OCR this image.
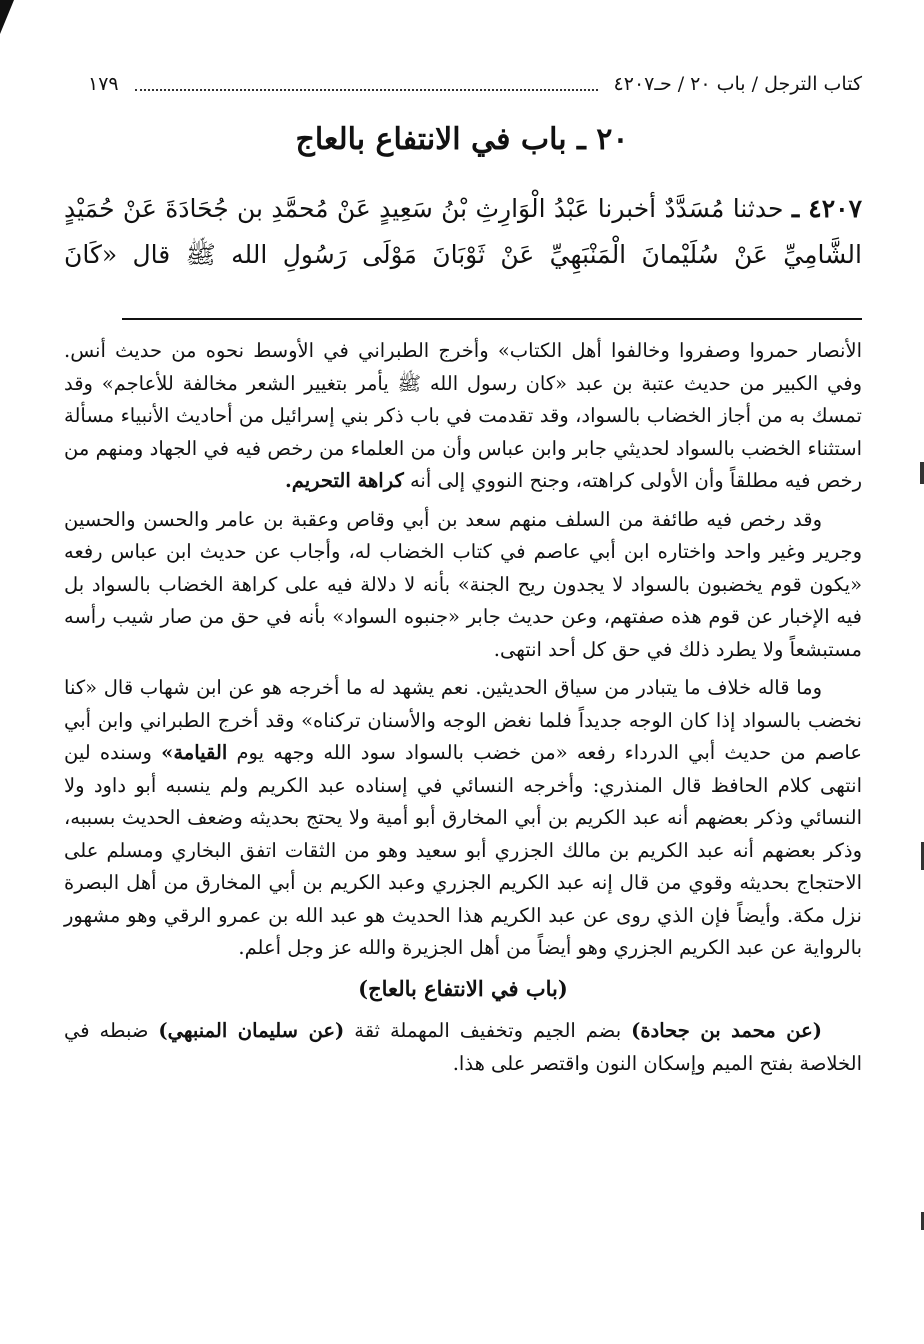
كتاب الترجل / باب ٢٠ / حـ٤٢٠٧
١٧٩
٢٠ ـ باب في الانتفاع بالعاج
٤٢٠٧ ـ حدثنا مُسَدَّدٌ أخبرنا عَبْدُ الْوَارِثِ بْنُ سَعِيدٍ عَنْ مُحمَّدِ بن جُحَادَةَ عَنْ حُمَيْدٍ الشَّامِيِّ عَنْ سُلَيْمانَ الْمَنْبَهِيِّ عَنْ ثَوْبَانَ مَوْلَى رَسُولِ الله ﷺ قال «كَانَ

الأنصار حمروا وصفروا وخالفوا أهل الكتاب» وأخرج الطبراني في الأوسط نحوه من حديث أنس. وفي الكبير من حديث عتبة بن عبد «كان رسول الله ﷺ يأمر بتغيير الشعر مخالفة للأعاجم» وقد تمسك به من أجاز الخضاب بالسواد، وقد تقدمت في باب ذكر بني إسرائيل من أحاديث الأنبياء مسألة استثناء الخضب بالسواد لحديثي جابر وابن عباس وأن من العلماء من رخص فيه في الجهاد ومنهم من رخص فيه مطلقاً وأن الأولى كراهته، وجنح النووي إلى أنه كراهة التحريم.

وقد رخص فيه طائفة من السلف منهم سعد بن أبي وقاص وعقبة بن عامر والحسن والحسين وجرير وغير واحد واختاره ابن أبي عاصم في كتاب الخضاب له، وأجاب عن حديث ابن عباس رفعه «يكون قوم يخضبون بالسواد لا يجدون ريح الجنة» بأنه لا دلالة فيه على كراهة الخضاب بالسواد بل فيه الإخبار عن قوم هذه صفتهم، وعن حديث جابر «جنبوه السواد» بأنه في حق من صار شيب رأسه مستبشعاً ولا يطرد ذلك في حق كل أحد انتهى.

وما قاله خلاف ما يتبادر من سياق الحديثين. نعم يشهد له ما أخرجه هو عن ابن شهاب قال «كنا نخضب بالسواد إذا كان الوجه جديداً فلما نغض الوجه والأسنان تركناه» وقد أخرج الطبراني وابن أبي عاصم من حديث أبي الدرداء رفعه «من خضب بالسواد سود الله وجهه يوم القيامة» وسنده لين انتهى كلام الحافظ قال المنذري: وأخرجه النسائي في إسناده عبد الكريم ولم ينسبه أبو داود ولا النسائي وذكر بعضهم أنه عبد الكريم بن أبي المخارق أبو أمية ولا يحتج بحديثه وضعف الحديث بسببه، وذكر بعضهم أنه عبد الكريم بن مالك الجزري أبو سعيد وهو من الثقات اتفق البخاري ومسلم على الاحتجاج بحديثه وقوي من قال إنه عبد الكريم الجزري وعبد الكريم بن أبي المخارق من أهل البصرة نزل مكة. وأيضاً فإن الذي روى عن عبد الكريم هذا الحديث هو عبد الله بن عمرو الرقي وهو مشهور بالرواية عن عبد الكريم الجزري وهو أيضاً من أهل الجزيرة والله عز وجل أعلم.

(باب في الانتفاع بالعاج)

(عن محمد بن جحادة) بضم الجيم وتخفيف المهملة ثقة (عن سليمان المنبهي) ضبطه في الخلاصة بفتح الميم وإسكان النون واقتصر على هذا.
